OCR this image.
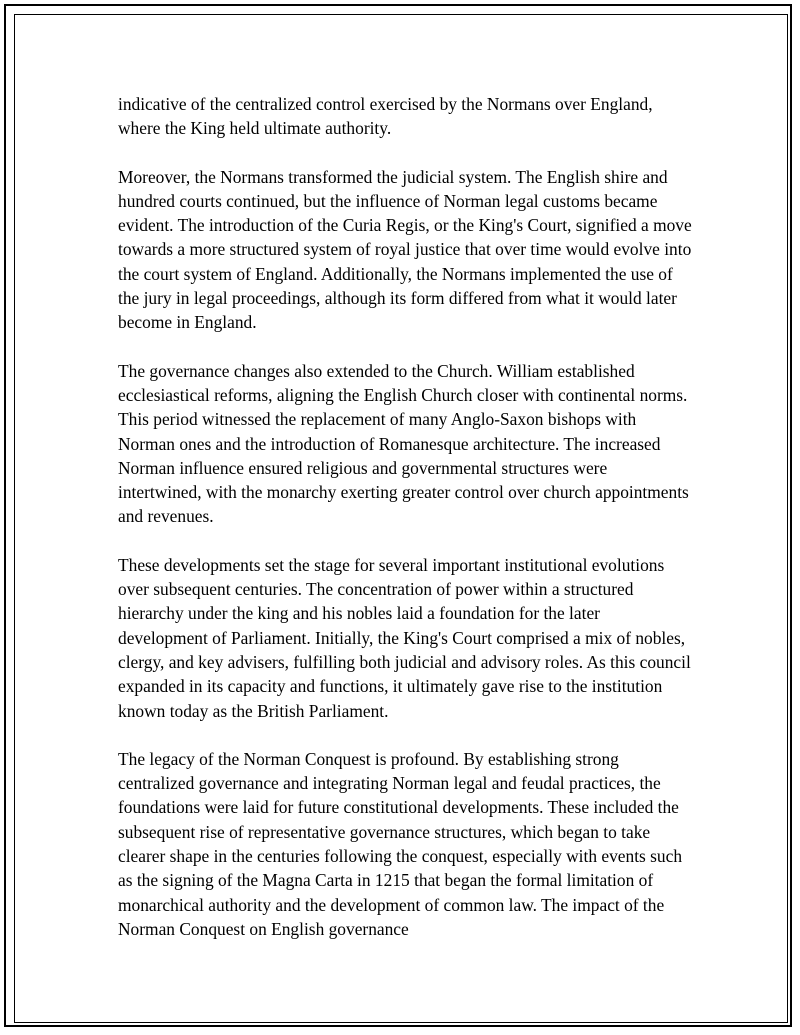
indicative of the centralized control exercised by the Normans over England, where the King held ultimate authority.

Moreover, the Normans transformed the judicial system. The English shire and hundred courts continued, but the influence of Norman legal customs became evident. The introduction of the Curia Regis, or the King's Court, signified a move towards a more structured system of royal justice that over time would evolve into the court system of England. Additionally, the Normans implemented the use of the jury in legal proceedings, although its form differed from what it would later become in England.

The governance changes also extended to the Church. William established ecclesiastical reforms, aligning the English Church closer with continental norms. This period witnessed the replacement of many Anglo-Saxon bishops with Norman ones and the introduction of Romanesque architecture. The increased Norman influence ensured religious and governmental structures were intertwined, with the monarchy exerting greater control over church appointments and revenues.

These developments set the stage for several important institutional evolutions over subsequent centuries. The concentration of power within a structured hierarchy under the king and his nobles laid a foundation for the later development of Parliament. Initially, the King's Court comprised a mix of nobles, clergy, and key advisers, fulfilling both judicial and advisory roles. As this council expanded in its capacity and functions, it ultimately gave rise to the institution known today as the British Parliament.

The legacy of the Norman Conquest is profound. By establishing strong centralized governance and integrating Norman legal and feudal practices, the foundations were laid for future constitutional developments. These included the subsequent rise of representative governance structures, which began to take clearer shape in the centuries following the conquest, especially with events such as the signing of the Magna Carta in 1215 that began the formal limitation of monarchical authority and the development of common law. The impact of the Norman Conquest on English governance
